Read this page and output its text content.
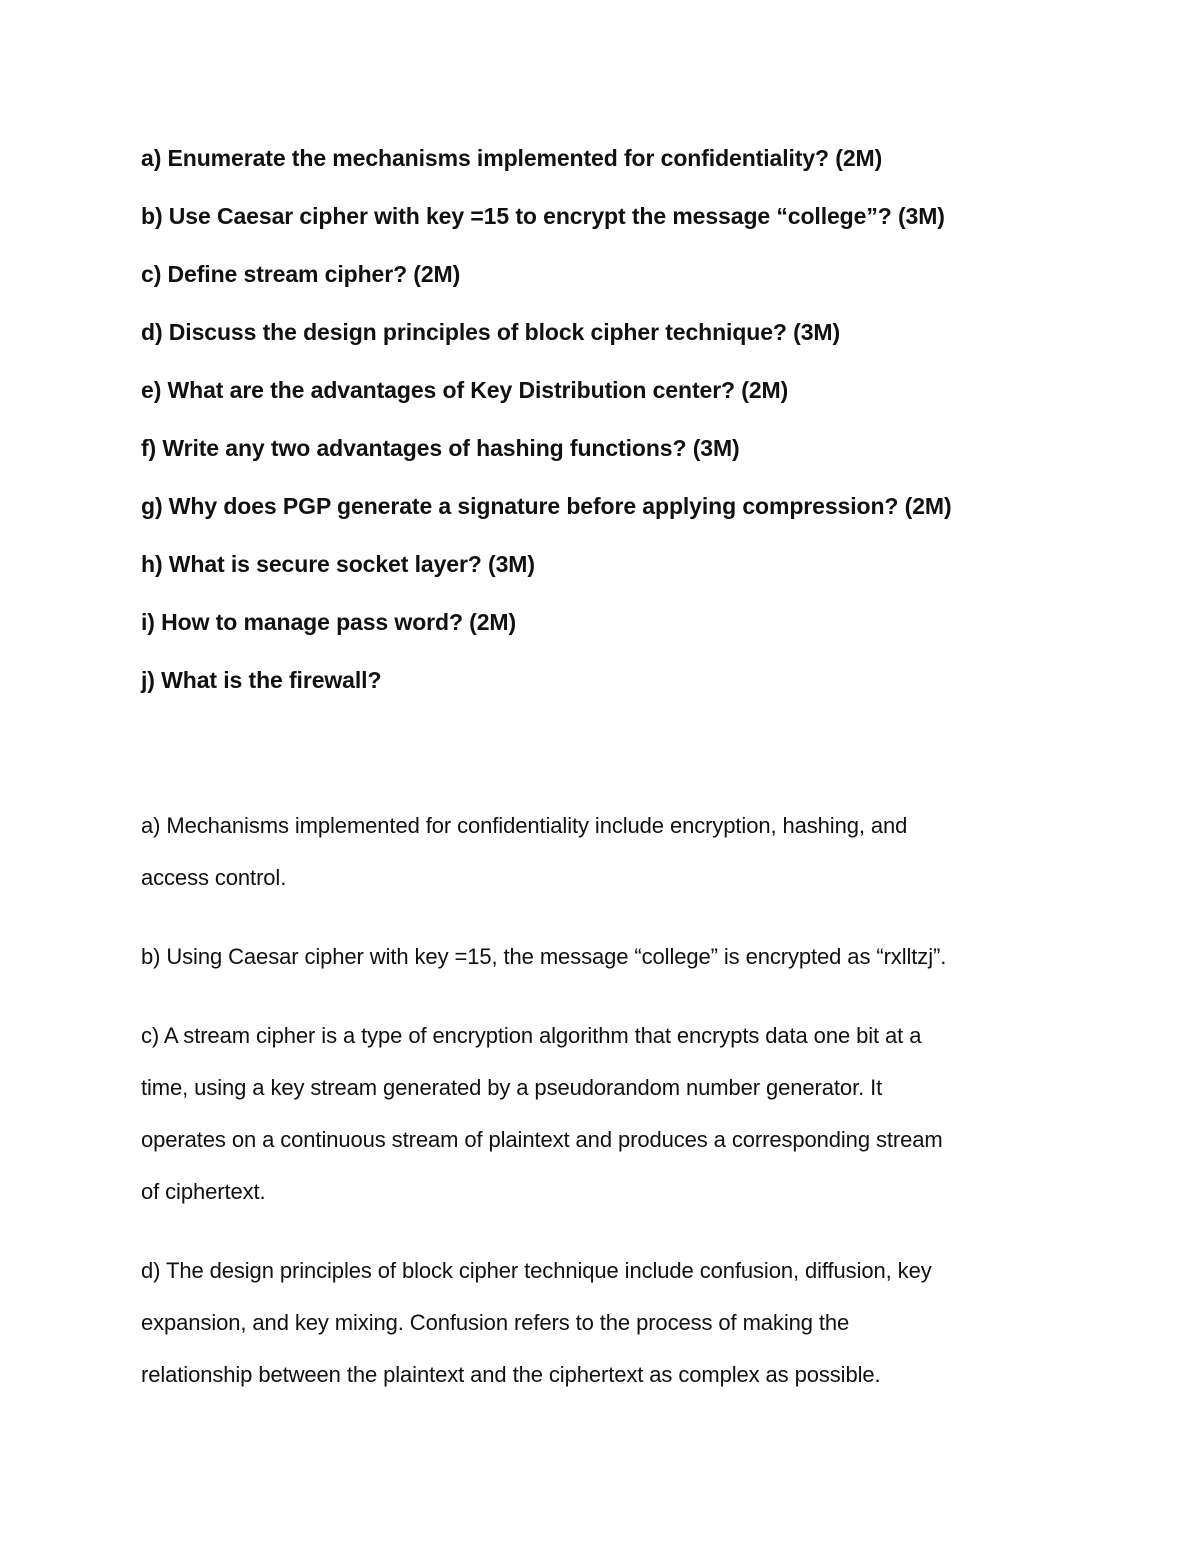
a) Enumerate the mechanisms implemented for confidentiality? (2M)
b) Use Caesar cipher with key =15 to encrypt the message “college”? (3M)
c) Define stream cipher? (2M)
d) Discuss the design principles of block cipher technique? (3M)
e) What are the advantages of Key Distribution center? (2M)
f) Write any two advantages of hashing functions? (3M)
g) Why does PGP generate a signature before applying compression? (2M)
h) What is secure socket layer? (3M)
i) How to manage pass word? (2M)
j) What is the firewall?
a) Mechanisms implemented for confidentiality include encryption, hashing, and
access control.
b) Using Caesar cipher with key =15, the message “college” is encrypted as “rxlltzj”.
c) A stream cipher is a type of encryption algorithm that encrypts data one bit at a
time, using a key stream generated by a pseudorandom number generator. It
operates on a continuous stream of plaintext and produces a corresponding stream
of ciphertext.
d) The design principles of block cipher technique include confusion, diffusion, key
expansion, and key mixing. Confusion refers to the process of making the
relationship between the plaintext and the ciphertext as complex as possible.
